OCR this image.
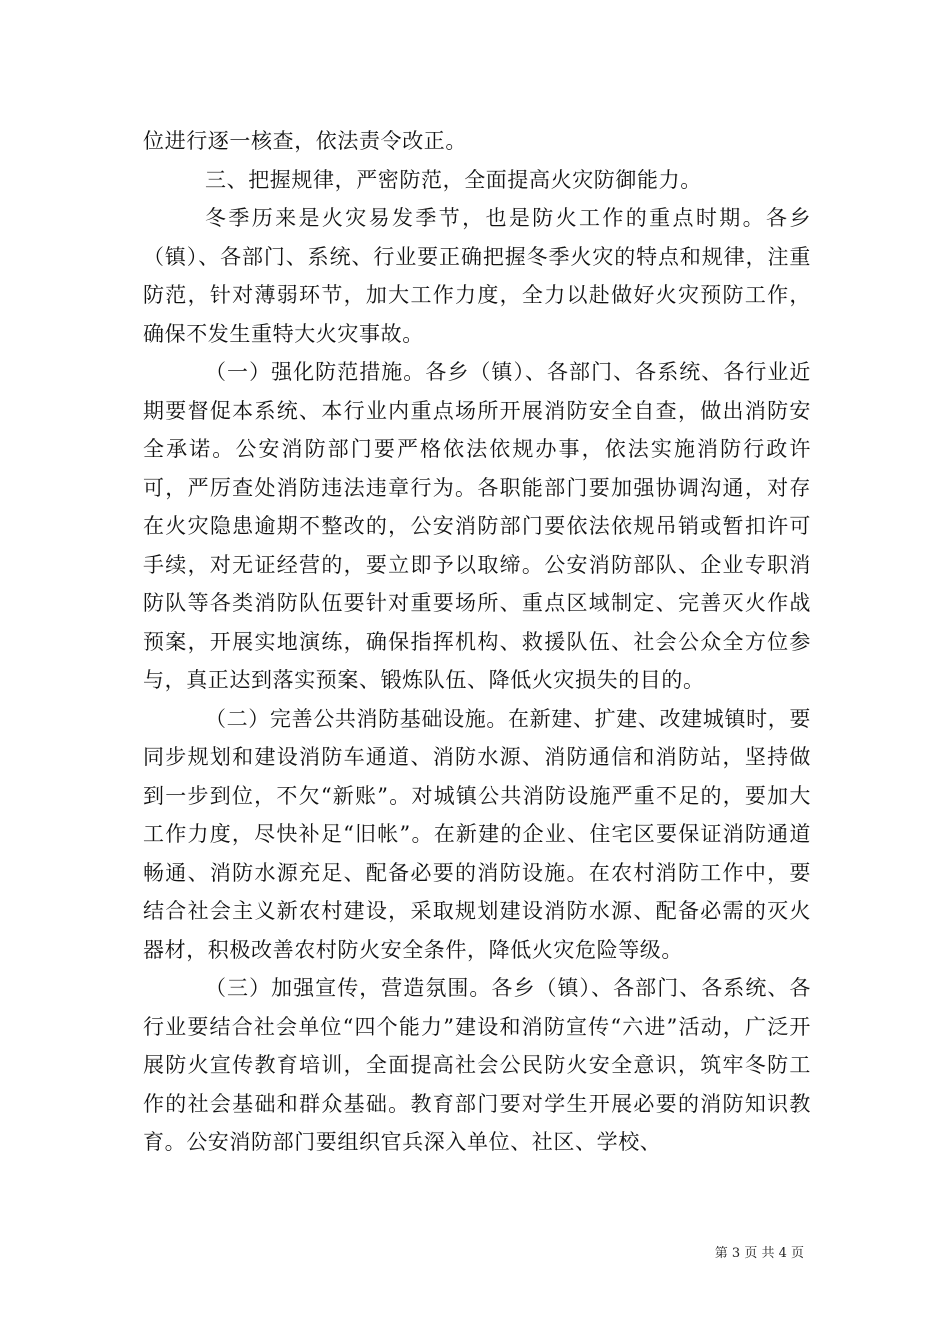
位进行逐一核查，依法责令改正。

三、把握规律，严密防范，全面提高火灾防御能力。

冬季历来是火灾易发季节，也是防火工作的重点时期。各乡（镇）、各部门、系统、行业要正确把握冬季火灾的特点和规律，注重防范，针对薄弱环节，加大工作力度，全力以赴做好火灾预防工作，确保不发生重特大火灾事故。

（一）强化防范措施。各乡（镇）、各部门、各系统、各行业近期要督促本系统、本行业内重点场所开展消防安全自查，做出消防安全承诺。公安消防部门要严格依法依规办事，依法实施消防行政许可，严厉查处消防违法违章行为。各职能部门要加强协调沟通，对存在火灾隐患逾期不整改的，公安消防部门要依法依规吊销或暂扣许可手续，对无证经营的，要立即予以取缔。公安消防部队、企业专职消防队等各类消防队伍要针对重要场所、重点区域制定、完善灭火作战预案，开展实地演练，确保指挥机构、救援队伍、社会公众全方位参与，真正达到落实预案、锻炼队伍、降低火灾损失的目的。

（二）完善公共消防基础设施。在新建、扩建、改建城镇时，要同步规划和建设消防车通道、消防水源、消防通信和消防站，坚持做到一步到位，不欠“新账”。对城镇公共消防设施严重不足的，要加大工作力度，尽快补足“旧帐”。在新建的企业、住宅区要保证消防通道畅通、消防水源充足、配备必要的消防设施。在农村消防工作中，要结合社会主义新农村建设，采取规划建设消防水源、配备必需的灭火器材，积极改善农村防火安全条件，降低火灾危险等级。

（三）加强宣传，营造氛围。各乡（镇）、各部门、各系统、各行业要结合社会单位“四个能力”建设和消防宣传“六进”活动，广泛开展防火宣传教育培训，全面提高社会公民防火安全意识，筑牢冬防工作的社会基础和群众基础。教育部门要对学生开展必要的消防知识教育。公安消防部门要组织官兵深入单位、社区、学校、

第 3 页 共 4 页
